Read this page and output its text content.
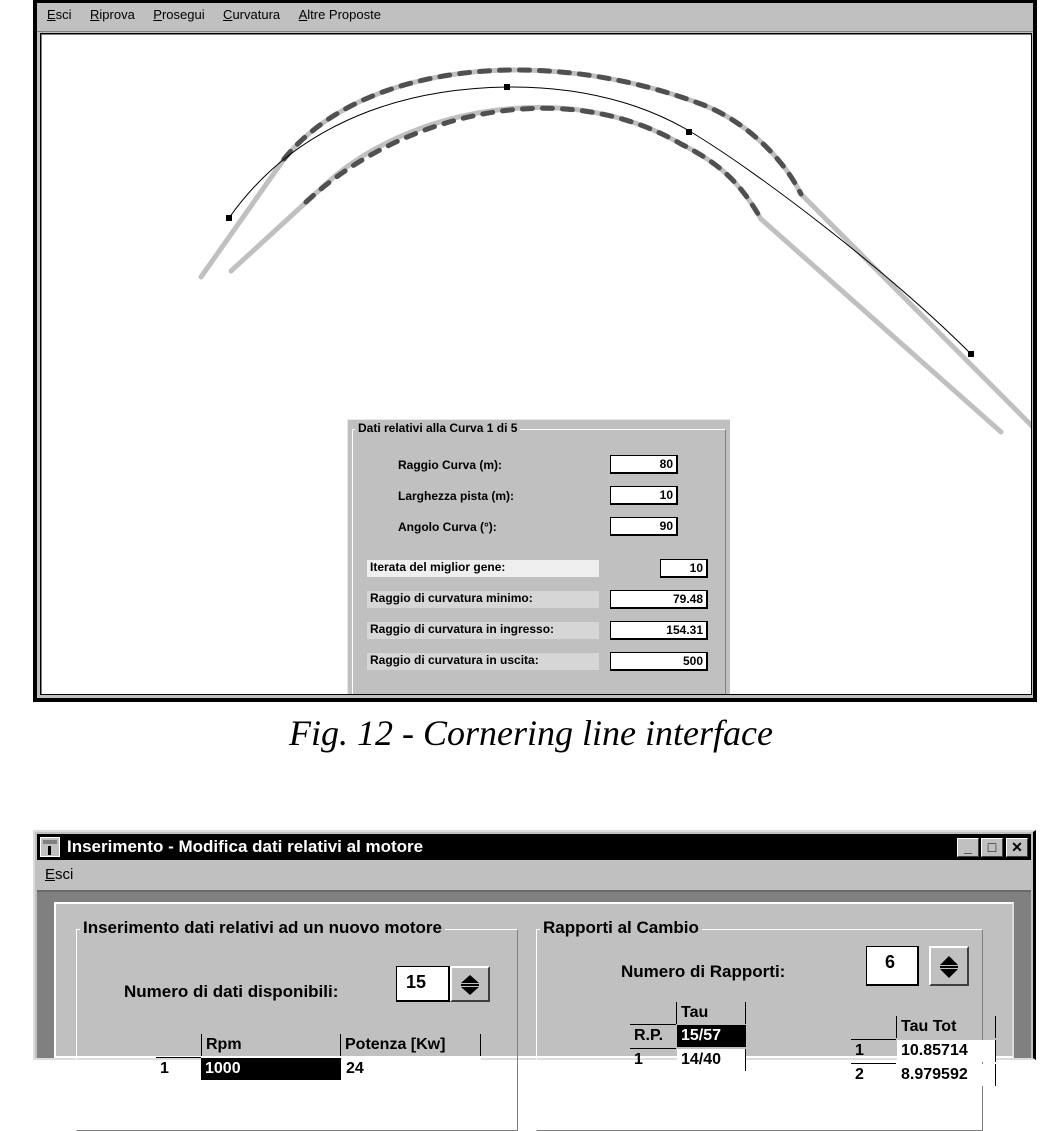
Esci Riprova Prosegui Curvatura Altre Proposte
Dati relativi alla Curva 1 di 5
Raggio Curva (m):	80
Larghezza pista (m):	10
Angolo Curva (°):	90
Iterata del miglior gene:	10
Raggio di curvatura minimo:	79.48
Raggio di curvatura in ingresso:	154.31
Raggio di curvatura in uscita:	500
Fig. 12 - Cornering line interface
Inserimento - Modifica dati relativi al motore	_	□	✕
Esci
Inserimento dati relativi ad un nuovo motore
Numero di dati disponibili:	15
Rpm	Potenza [Kw]
1	1000	24
Rapporti al Cambio
Numero di Rapporti:	6
Tau
R.P.	15/57
1	14/40
Tau Tot
1	10.85714
2	8.979592
